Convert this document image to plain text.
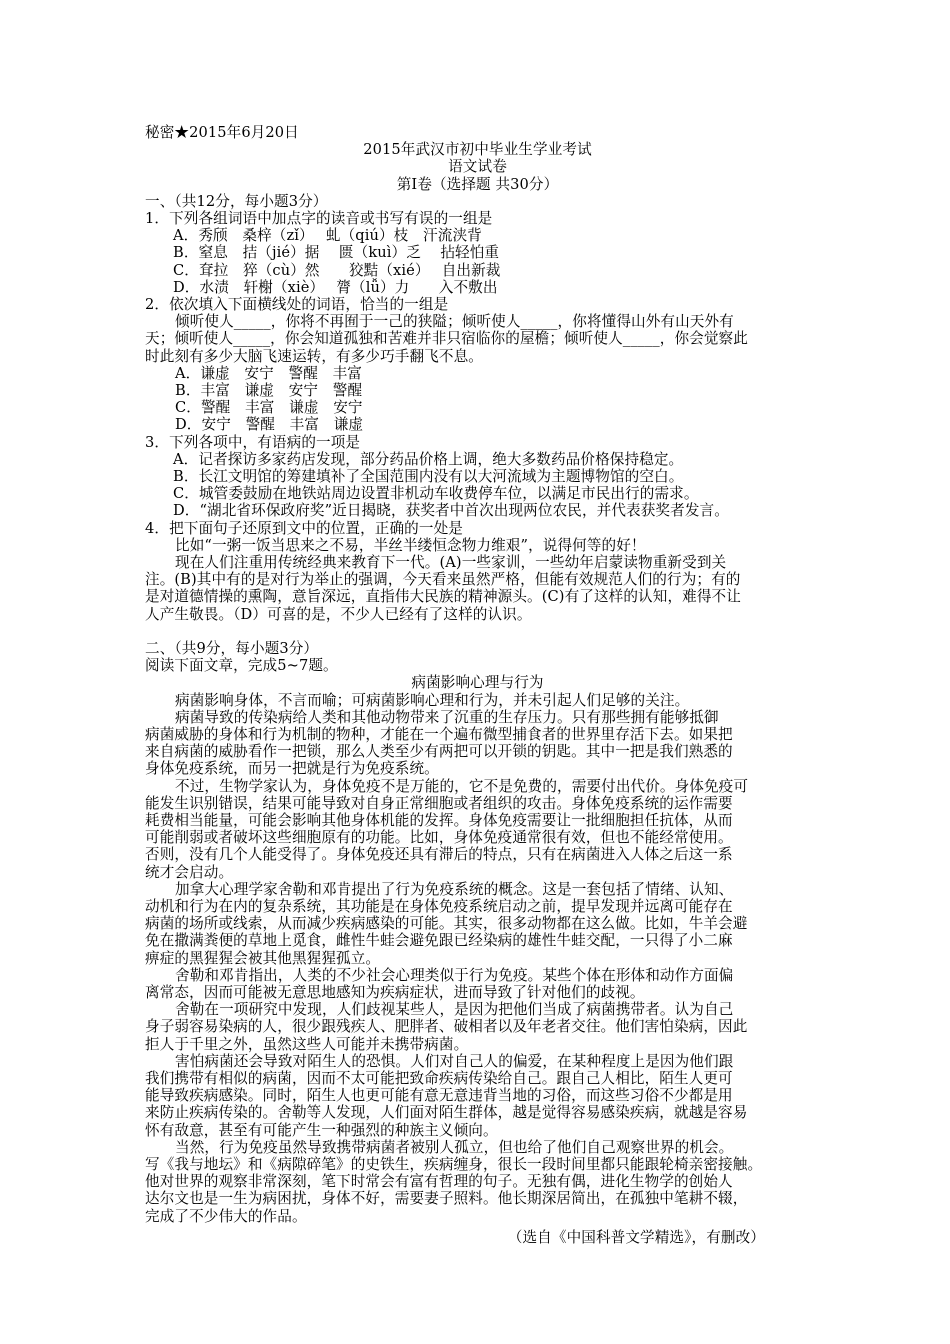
秘密★2015年6月20日
2015年武汉市初中毕业生学业考试
语文试卷
第Ⅰ卷（选择题 共30分）
一、（共12分，每小题3分）
1．下列各组词语中加点字的读音或书写有误的一组是
A．秀颀　桑梓（zǐ）　 虬（qiú）枝　汗流浃背
B．窒息　拮（jié）据　 匮（kuì）乏　 拈轻怕重
C．耷拉　猝（cù）然　　狡黠（xié）　 自出新裁
D．水渍　轩榭（xiè）　 膂（lǚ）力　　入不敷出
2．依次填入下面横线处的词语，恰当的一组是
倾听使人_____，你将不再囿于一己的狭隘；倾听使人_____，你将懂得山外有山天外有
天；倾听使人_____，你会知道孤独和苦难并非只宿临你的屋檐；倾听使人_____，你会觉察此
时此刻有多少大脑飞速运转，有多少巧手翻飞不息。
A．谦虚　安宁　警醒　丰富
B．丰富　谦虚　安宁　警醒
C．警醒　丰富　谦虚　安宁
D．安宁　警醒　丰富　谦虚
3．下列各项中，有语病的一项是
A．记者探访多家药店发现，部分药品价格上调，绝大多数药品价格保持稳定。
B．长江文明馆的筹建填补了全国范围内没有以大河流域为主题博物馆的空白。
C．城管委鼓励在地铁站周边设置非机动车收费停车位，以满足市民出行的需求。
D．“湖北省环保政府奖”近日揭晓，获奖者中首次出现两位农民，并代表获奖者发言。
4．把下面句子还原到文中的位置，正确的一处是
比如“一粥一饭当思来之不易，半丝半缕恒念物力维艰”，说得何等的好！
现在人们注重用传统经典来教育下一代。(A)一些家训，一些幼年启蒙读物重新受到关
注。(B)其中有的是对行为举止的强调，今天看来虽然严格，但能有效规范人们的行为；有的
是对道德情操的熏陶，意旨深远，直指伟大民族的精神源头。(C)有了这样的认知，难得不让
人产生敬畏。（D）可喜的是，不少人已经有了这样的认识。
二、（共9分，每小题3分）
阅读下面文章，完成5~7题。
病菌影响心理与行为
病菌影响身体，不言而喻；可病菌影响心理和行为，并未引起人们足够的关注。
病菌导致的传染病给人类和其他动物带来了沉重的生存压力。只有那些拥有能够抵御
病菌威胁的身体和行为机制的物种，才能在一个遍布微型捕食者的世界里存活下去。如果把
来自病菌的威胁看作一把锁，那么人类至少有两把可以开锁的钥匙。其中一把是我们熟悉的
身体免疫系统，而另一把就是行为免疫系统。
不过，生物学家认为，身体免疫不是万能的，它不是免费的，需要付出代价。身体免疫可
能发生识别错误，结果可能导致对自身正常细胞或者组织的攻击。身体免疫系统的运作需要
耗费相当能量，可能会影响其他身体机能的发挥。身体免疫需要让一批细胞担任抗体，从而
可能削弱或者破坏这些细胞原有的功能。比如，身体免疫通常很有效，但也不能经常使用。
否则，没有几个人能受得了。身体免疫还具有滞后的特点，只有在病菌进入人体之后这一系
统才会启动。
加拿大心理学家舍勒和邓肯提出了行为免疫系统的概念。这是一套包括了情绪、认知、
动机和行为在内的复杂系统，其功能是在身体免疫系统启动之前，提早发现并远离可能存在
病菌的场所或线索，从而减少疾病感染的可能。其实，很多动物都在这么做。比如，牛羊会避
免在撒满粪便的草地上觅食，雌性牛蛙会避免跟已经染病的雄性牛蛙交配，一只得了小二麻
痹症的黑猩猩会被其他黑猩猩孤立。
舍勒和邓肯指出，人类的不少社会心理类似于行为免疫。某些个体在形体和动作方面偏
离常态，因而可能被无意思地感知为疾病症状，进而导致了针对他们的歧视。
舍勒在一项研究中发现，人们歧视某些人，是因为把他们当成了病菌携带者。认为自己
身子弱容易染病的人，很少跟残疾人、肥胖者、破相者以及年老者交往。他们害怕染病，因此
拒人于千里之外，虽然这些人可能并未携带病菌。
害怕病菌还会导致对陌生人的恐惧。人们对自己人的偏爱，在某种程度上是因为他们跟
我们携带有相似的病菌，因而不太可能把致命疾病传染给自己。跟自己人相比，陌生人更可
能导致疾病感染。同时，陌生人也更可能有意无意违背当地的习俗，而这些习俗不少都是用
来防止疾病传染的。舍勒等人发现，人们面对陌生群体，越是觉得容易感染疾病，就越是容易
怀有敌意，甚至有可能产生一种强烈的种族主义倾向。
当然，行为免疫虽然导致携带病菌者被别人孤立，但也给了他们自己观察世界的机会。
写《我与地坛》和《病隙碎笔》的史铁生，疾病缠身，很长一段时间里都只能跟轮椅亲密接触。
他对世界的观察非常深刻，笔下时常会有富有哲理的句子。无独有偶，进化生物学的创始人
达尔文也是一生为病困扰，身体不好，需要妻子照料。他长期深居简出，在孤独中笔耕不辍，
完成了不少伟大的作品。
（选自《中国科普文学精选》，有删改）
